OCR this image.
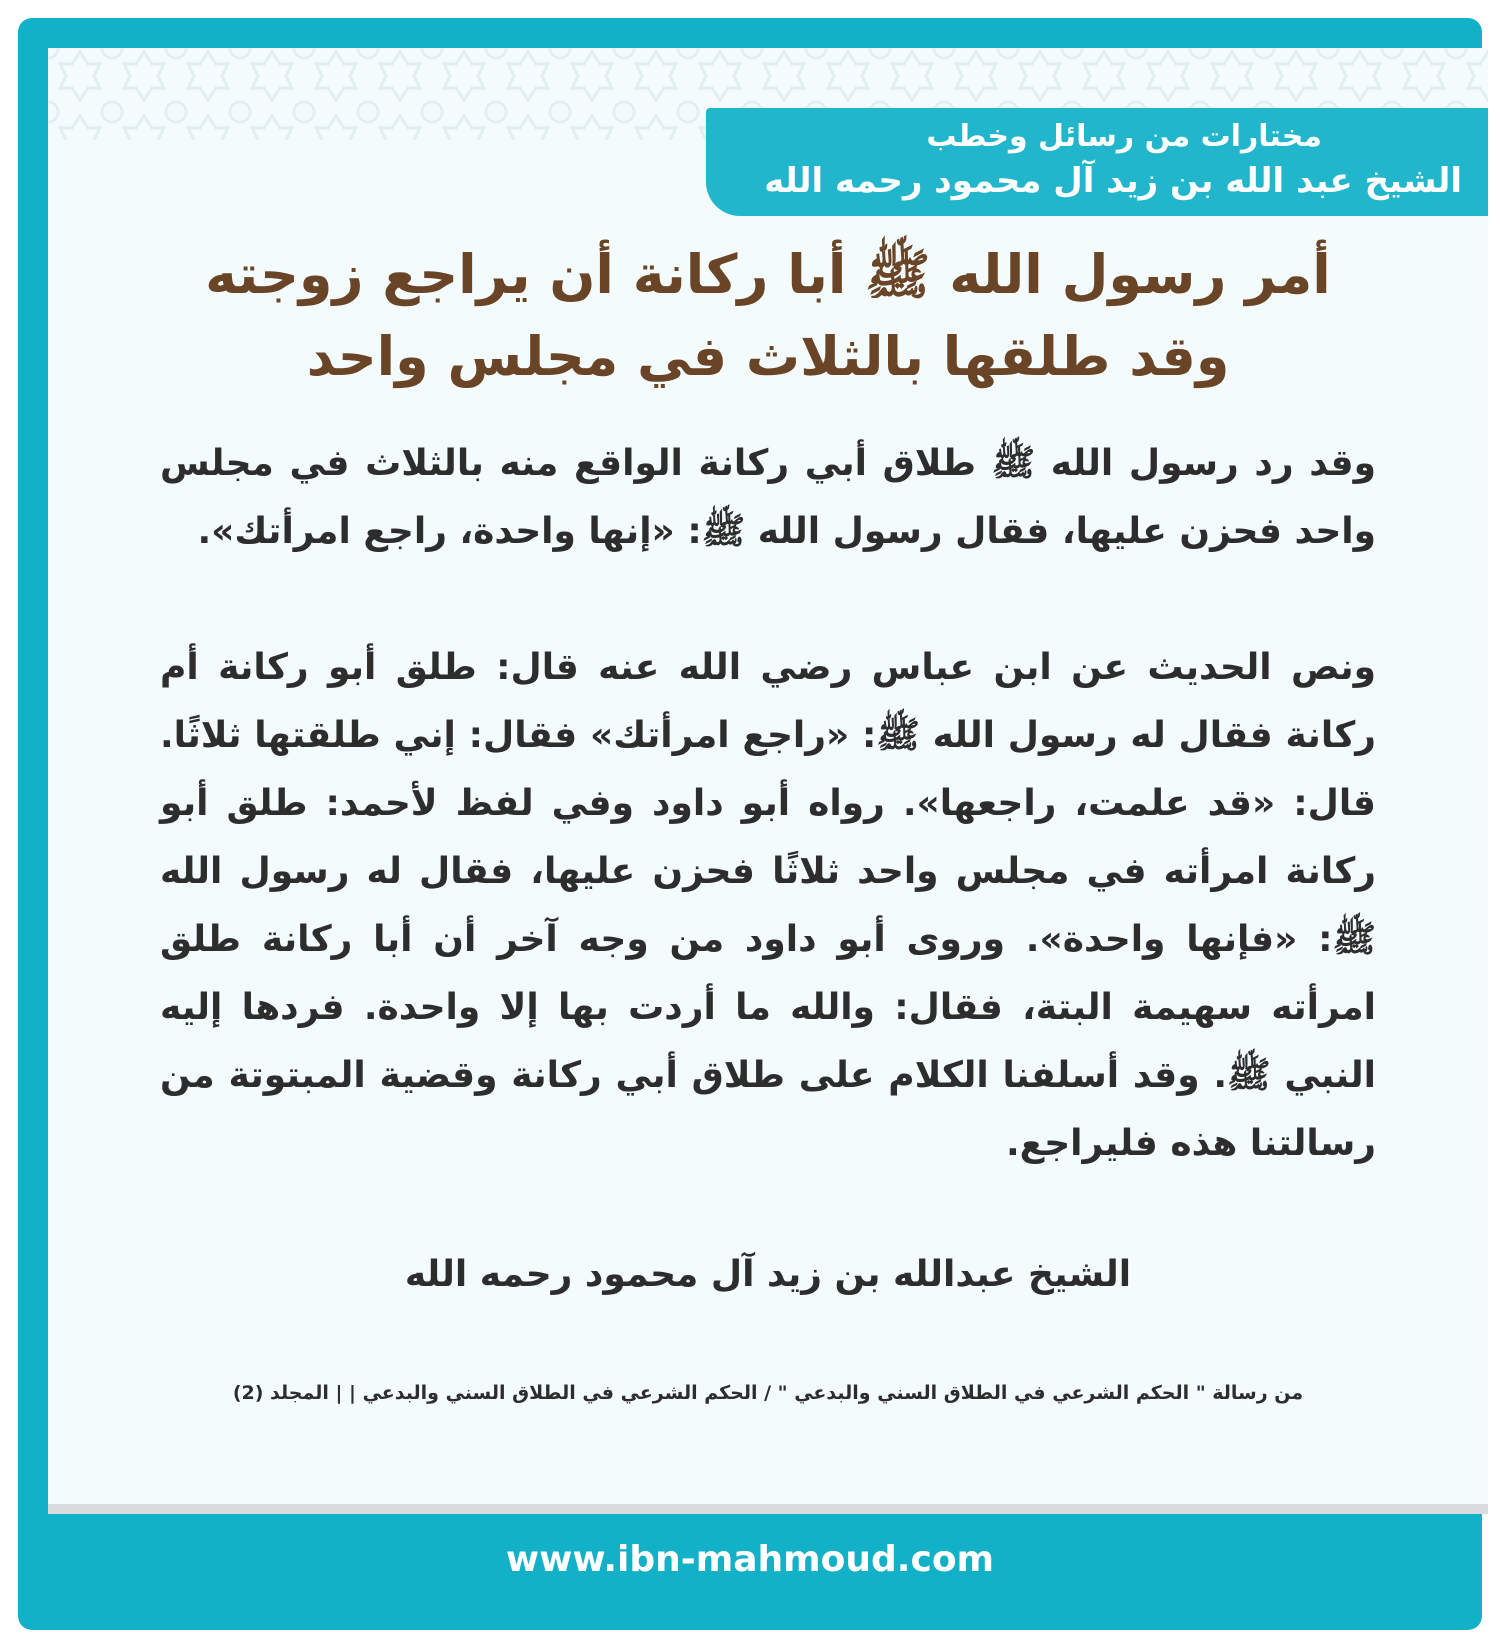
مختارات من رسائل وخطب
الشيخ عبد الله بن زيد آل محمود رحمه الله
أمر رسول الله ﷺ أبا ركانة أن يراجع زوجته
وقد طلقها بالثلاث في مجلس واحد

وقد رد رسول الله ﷺ طلاق أبي ركانة الواقع منه بالثلاث في مجلس واحد فحزن عليها، فقال رسول الله ﷺ: «إنها واحدة، راجع امرأتك».

ونص الحديث عن ابن عباس رضي الله عنه قال: طلق أبو ركانة أم ركانة فقال له رسول الله ﷺ: «راجع امرأتك» فقال: إني طلقتها ثلاثًا. قال: «قد علمت، راجعها». رواه أبو داود وفي لفظ لأحمد: طلق أبو ركانة امرأته في مجلس واحد ثلاثًا فحزن عليها، فقال له رسول الله ﷺ: «فإنها واحدة». وروى أبو داود من وجه آخر أن أبا ركانة طلق امرأته سهيمة البتة، فقال: والله ما أردت بها إلا واحدة. فردها إليه النبي ﷺ. وقد أسلفنا الكلام على طلاق أبي ركانة وقضية المبتوتة من رسالتنا هذه فليراجع.

الشيخ عبدالله بن زيد آل محمود رحمه الله
من رسالة " الحكم الشرعي في الطلاق السني والبدعي " / الحكم الشرعي في الطلاق السني والبدعي | | المجلد (2)
www.ibn-mahmoud.com
